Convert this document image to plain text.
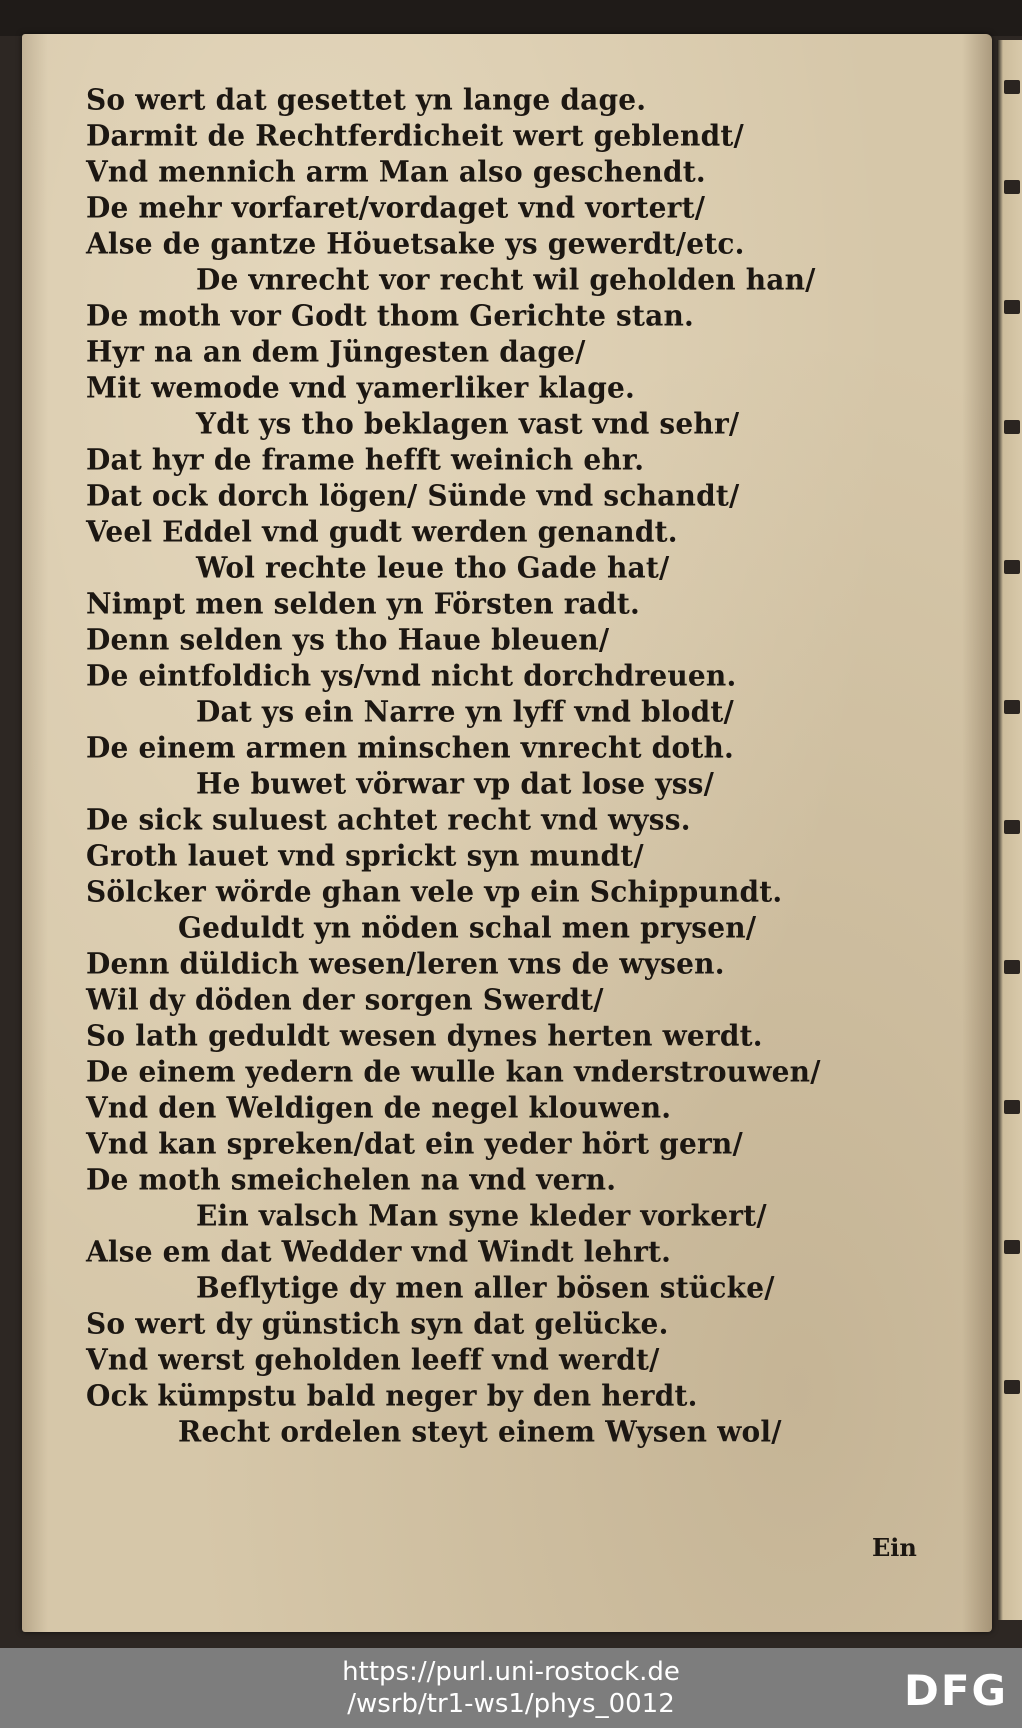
So wert dat gesettet yn lange dage.
Darmit de Rechtferdicheit wert geblendt/
Vnd mennich arm Man also geschendt.
De mehr vorfaret/vordaget vnd vortert/
Alse de gantze Höuetsake ys gewerdt/etc.
De vnrecht vor recht wil geholden han/
De moth vor Godt thom Gerichte stan.
Hyr na an dem Jüngesten dage/
Mit wemode vnd yamerliker klage.
Ydt ys tho beklagen vast vnd sehr/
Dat hyr de frame hefft weinich ehr.
Dat ock dorch lögen/ Sünde vnd schandt/
Veel Eddel vnd gudt werden genandt.
Wol rechte leue tho Gade hat/
Nimpt men selden yn Försten radt.
Denn selden ys tho Haue bleuen/
De eintfoldich ys/vnd nicht dorchdreuen.
Dat ys ein Narre yn lyff vnd blodt/
De einem armen minschen vnrecht doth.
He buwet vörwar vp dat lose yss/
De sick suluest achtet recht vnd wyss.
Groth lauet vnd sprickt syn mundt/
Sölcker wörde ghan vele vp ein Schippundt.
Geduldt yn nöden schal men prysen/
Denn düldich wesen/leren vns de wysen.
Wil dy döden der sorgen Swerdt/
So lath geduldt wesen dynes herten werdt.
De einem yedern de wulle kan vnderstrouwen/
Vnd den Weldigen de negel klouwen.
Vnd kan spreken/dat ein yeder hört gern/
De moth smeichelen na vnd vern.
Ein valsch Man syne kleder vorkert/
Alse em dat Wedder vnd Windt lehrt.
Beflytige dy men aller bösen stücke/
So wert dy günstich syn dat gelücke.
Vnd werst geholden leeff vnd werdt/
Ock kümpstu bald neger by den herdt.
Recht ordelen steyt einem Wysen wol/
Ein
https://purl.uni-rostock.de
/wsrb/tr1-ws1/phys_0012	DFG
